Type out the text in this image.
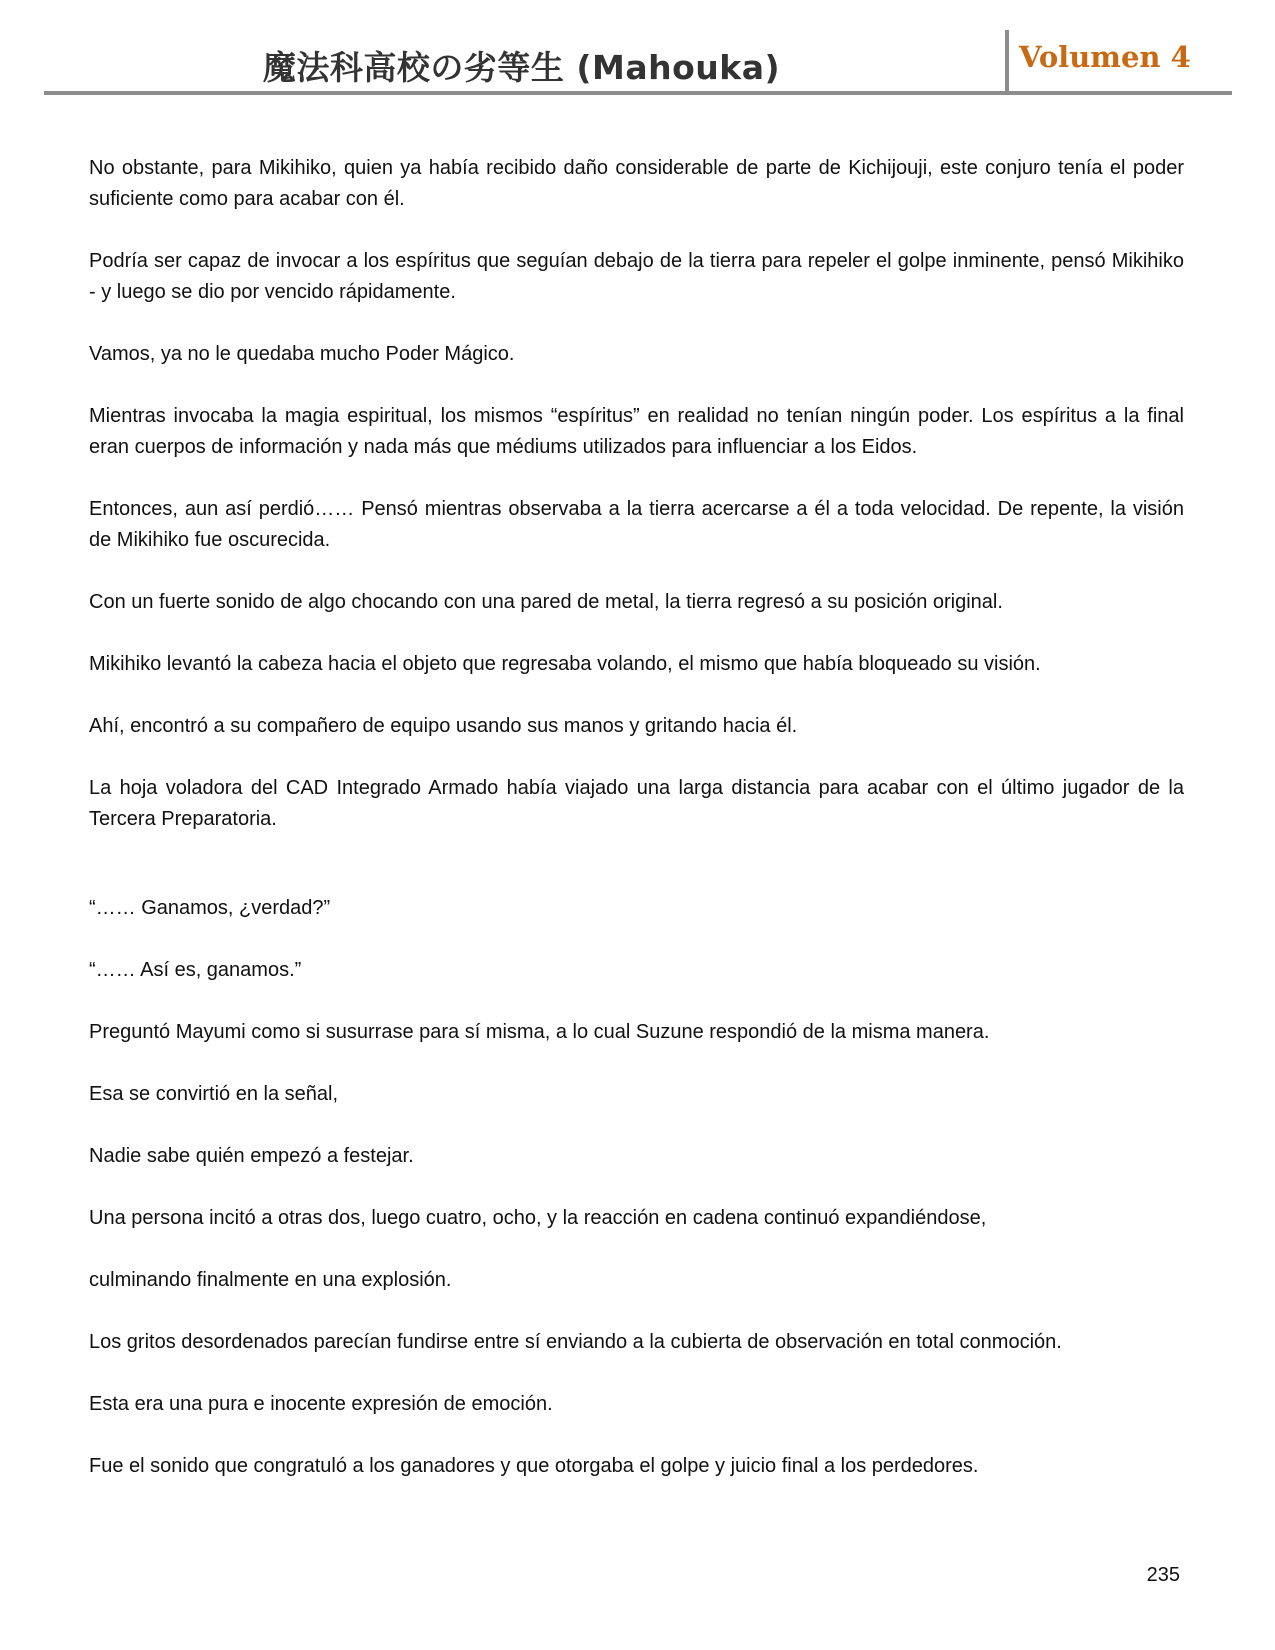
魔法科高校の劣等生 (Mahouka)	Volumen 4

No obstante, para Mikihiko, quien ya había recibido daño considerable de parte de Kichijouji, este conjuro tenía el poder suficiente como para acabar con él.

Podría ser capaz de invocar a los espíritus que seguían debajo de la tierra para repeler el golpe inminente, pensó Mikihiko - y luego se dio por vencido rápidamente.

Vamos, ya no le quedaba mucho Poder Mágico.

Mientras invocaba la magia espiritual, los mismos “espíritus” en realidad no tenían ningún poder. Los espíritus a la final eran cuerpos de información y nada más que médiums utilizados para influenciar a los Eidos.

Entonces, aun así perdió…… Pensó mientras observaba a la tierra acercarse a él a toda velocidad. De repente, la visión de Mikihiko fue oscurecida.

Con un fuerte sonido de algo chocando con una pared de metal, la tierra regresó a su posición original.

Mikihiko levantó la cabeza hacia el objeto que regresaba volando, el mismo que había bloqueado su visión.

Ahí, encontró a su compañero de equipo usando sus manos y gritando hacia él.

La hoja voladora del CAD Integrado Armado había viajado una larga distancia para acabar con el último jugador de la Tercera Preparatoria.

“…… Ganamos, ¿verdad?”

“…… Así es, ganamos.”

Preguntó Mayumi como si susurrase para sí misma, a lo cual Suzune respondió de la misma manera.

Esa se convirtió en la señal,

Nadie sabe quién empezó a festejar.

Una persona incitó a otras dos, luego cuatro, ocho, y la reacción en cadena continuó expandiéndose,

culminando finalmente en una explosión.

Los gritos desordenados parecían fundirse entre sí enviando a la cubierta de observación en total conmoción.

Esta era una pura e inocente expresión de emoción.

Fue el sonido que congratuló a los ganadores y que otorgaba el golpe y juicio final a los perdedores.

235
